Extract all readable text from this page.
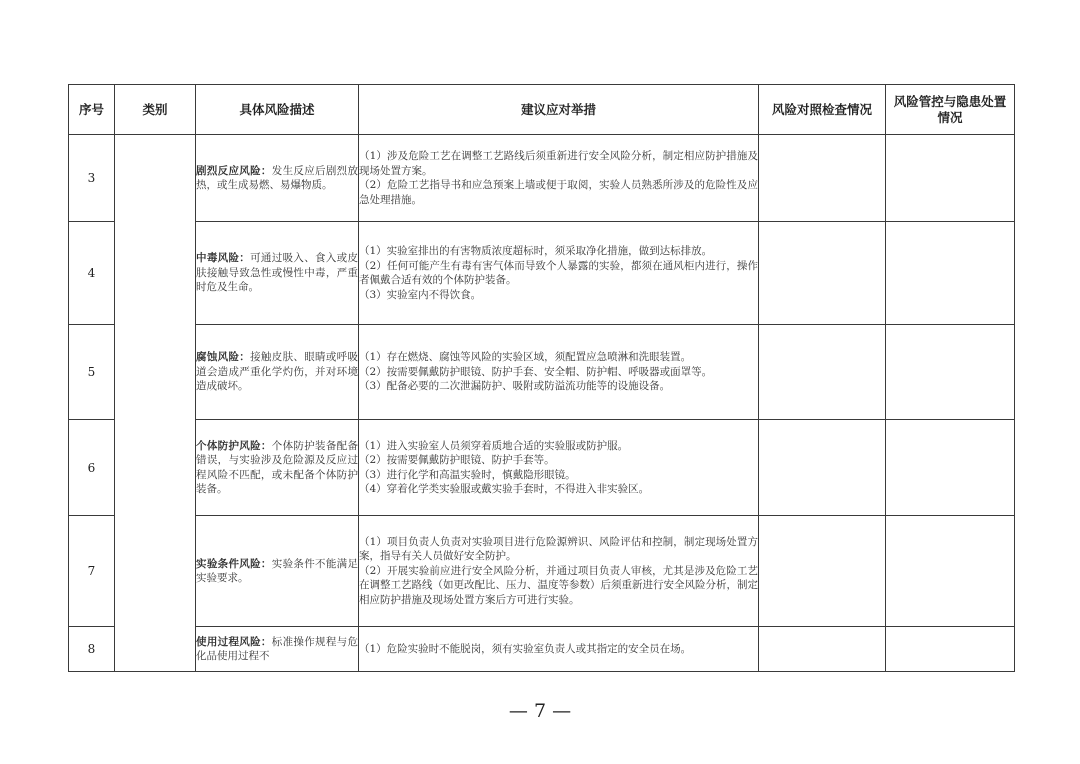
序号	类别	具体风险描述	建议应对举措	风险对照检查情况	风险管控与隐患处置情况
3		剧烈反应风险：发生反应后剧烈放热，或生成易燃、易爆物质。	（1）涉及危险工艺在调整工艺路线后须重新进行安全风险分析，制定相应防护措施及现场处置方案。
（2）危险工艺指导书和应急预案上墙或便于取阅，实验人员熟悉所涉及的危险性及应急处理措施。		

4		中毒风险：可通过吸入、食入或皮肤接触导致急性或慢性中毒，严重时危及生命。	（1）实验室排出的有害物质浓度超标时，须采取净化措施，做到达标排放。
（2）任何可能产生有毒有害气体而导致个人暴露的实验，都须在通风柜内进行，操作者佩戴合适有效的个体防护装备。
（3）实验室内不得饮食。		

5		腐蚀风险：接触皮肤、眼睛或呼吸道会造成严重化学灼伤，并对环境造成破坏。	（1）存在燃烧、腐蚀等风险的实验区域，须配置应急喷淋和洗眼装置。
（2）按需要佩戴防护眼镜、防护手套、安全帽、防护帽、呼吸器或面罩等。
（3）配备必要的二次泄漏防护、吸附或防溢流功能等的设施设备。		

6		个体防护风险：个体防护装备配备错误，与实验涉及危险源及反应过程风险不匹配，或未配备个体防护装备。	（1）进入实验室人员须穿着质地合适的实验服或防护服。
（2）按需要佩戴防护眼镜、防护手套等。
（3）进行化学和高温实验时，慎戴隐形眼镜。
（4）穿着化学类实验服或戴实验手套时，不得进入非实验区。		

7		实验条件风险：实验条件不能满足实验要求。	（1）项目负责人负责对实验项目进行危险源辨识、风险评估和控制，制定现场处置方案，指导有关人员做好安全防护。
（2）开展实验前应进行安全风险分析，并通过项目负责人审核，尤其是涉及危险工艺在调整工艺路线（如更改配比、压力、温度等参数）后须重新进行安全风险分析，制定相应防护措施及现场处置方案后方可进行实验。		

8		使用过程风险：标准操作规程与危化品使用过程不	（1）危险实验时不能脱岗，须有实验室负责人或其指定的安全员在场。		

— 7 —
